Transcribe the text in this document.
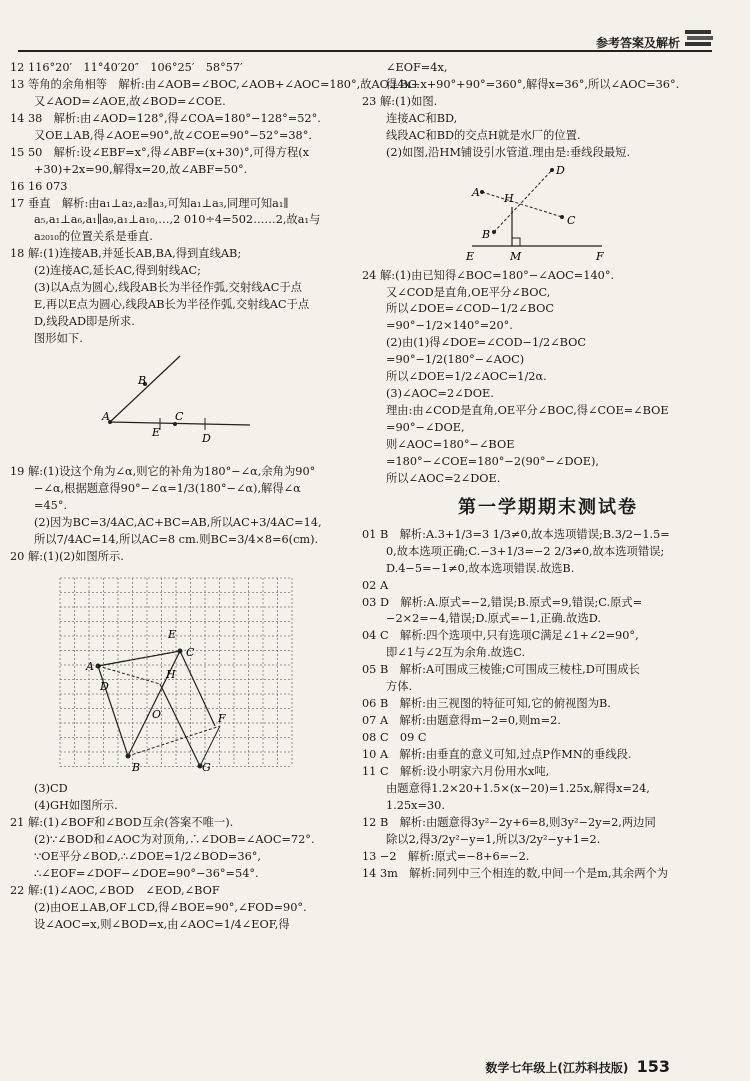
参考答案及解析
12 116°20′　11°40′20″　106°25′　58°57′
13 等角的余角相等　解析:由∠AOB=∠BOC,∠AOB+∠AOC=180°,故AO⊥BC.
又∠AOD=∠AOE,故∠BOD=∠COE.
14 38　解析:由∠AOD=128°,得∠COA=180°−128°=52°.
又OE⊥AB,得∠AOE=90°,故∠COE=90°−52°=38°.
15 50　解析:设∠EBF=x°,得∠ABF=(x+30)°,可得方程(x
+30)+2x=90,解得x=20,故∠ABF=50°.
16 16 073
17 垂直　解析:由a₁⊥a₂,a₂∥a₃,可知a₁⊥a₃,同理可知a₁∥
a₅,a₁⊥a₆,a₁∥a₉,a₁⊥a₁₀,…,2 010÷4=502……2,故a₁与
a₂₀₁₀的位置关系是垂直.
18 解:(1)连接AB,并延长AB,BA,得到直线AB;
(2)连接AC,延长AC,得到射线AC;
(3)以A点为圆心,线段AB长为半径作弧,交射线AC于点
E,再以E点为圆心,线段AB长为半径作弧,交射线AC于点
D,线段AD即是所求.
图形如下.
B
A
E
C
D
19 解:(1)设这个角为∠α,则它的补角为180°−∠α,余角为90°
−∠α,根据题意得90°−∠α=1/3(180°−∠α),解得∠α
=45°.
(2)因为BC=3/4AC,AC+BC=AB,所以AC+3/4AC=14,
所以7/4AC=14,所以AC=8 cm.则BC=3/4×8=6(cm).
20 解:(1)(2)如图所示.
E
A
C
D
H
O	F
B	G
(3)CD
(4)GH如图所示.
21 解:(1)∠BOF和∠BOD互余(答案不唯一).
(2)∵∠BOD和∠AOC为对顶角,∴∠DOB=∠AOC=72°.
∵OE平分∠BOD,∴∠DOE=1/2∠BOD=36°,
∴∠EOF=∠DOF−∠DOE=90°−36°=54°.
22 解:(1)∠AOC,∠BOD　∠EOD,∠BOF
(2)由OE⊥AB,OF⊥CD,得∠BOE=90°,∠FOD=90°.
设∠AOC=x,则∠BOD=x,由∠AOC=1/4∠EOF,得
∠EOF=4x,
得4x+x+90°+90°=360°,解得x=36°,所以∠AOC=36°.
23 解:(1)如图.
连接AC和BD,
线段AC和BD的交点H就是水厂的位置.
(2)如图,沿HM铺设引水管道.理由是:垂线段最短.
D
A H
C
B
E	M	F
24 解:(1)由已知得∠BOC=180°−∠AOC=140°.
又∠COD是直角,OE平分∠BOC,
所以∠DOE=∠COD−1/2∠BOC
=90°−1/2×140°=20°.
(2)由(1)得∠DOE=∠COD−1/2∠BOC
=90°−1/2(180°−∠AOC)
所以∠DOE=1/2∠AOC=1/2α.
(3)∠AOC=2∠DOE.
理由:由∠COD是直角,OE平分∠BOC,得∠COE=∠BOE
=90°−∠DOE,
则∠AOC=180°−∠BOE
=180°−∠COE=180°−2(90°−∠DOE),
所以∠AOC=2∠DOE.
第一学期期末测试卷
01 B　解析:A.3+1/3=3 1/3≠0,故本选项错误;B.3/2−1.5=
0,故本选项正确;C.−3+1/3=−2 2/3≠0,故本选项错误;
D.4−5=−1≠0,故本选项错误.故选B.
02 A
03 D　解析:A.原式=−2,错误;B.原式=9,错误;C.原式=
−2×2=−4,错误;D.原式=−1,正确.故选D.
04 C　解析:四个选项中,只有选项C满足∠1+∠2=90°,
即∠1与∠2互为余角.故选C.
05 B　解析:A可围成三棱锥;C可围成三棱柱,D可围成长
方体.
06 B　解析:由三视图的特征可知,它的俯视图为B.
07 A　解析:由题意得m−2=0,则m=2.
08 C　09 C
10 A　解析:由垂直的意义可知,过点P作MN的垂线段.
11 C　解析:设小明家六月份用水x吨,
由题意得1.2×20+1.5×(x−20)=1.25x,解得x=24,
1.25x=30.
12 B　解析:由题意得3y²−2y+6=8,则3y²−2y=2,两边同
除以2,得3/2y²−y=1,所以3/2y²−y+1=2.
13 −2　解析:原式=−8+6=−2.
14 3m　解析:同列中三个相连的数,中间一个是m,其余两个为
数学七年级上(江苏科技版) 153
